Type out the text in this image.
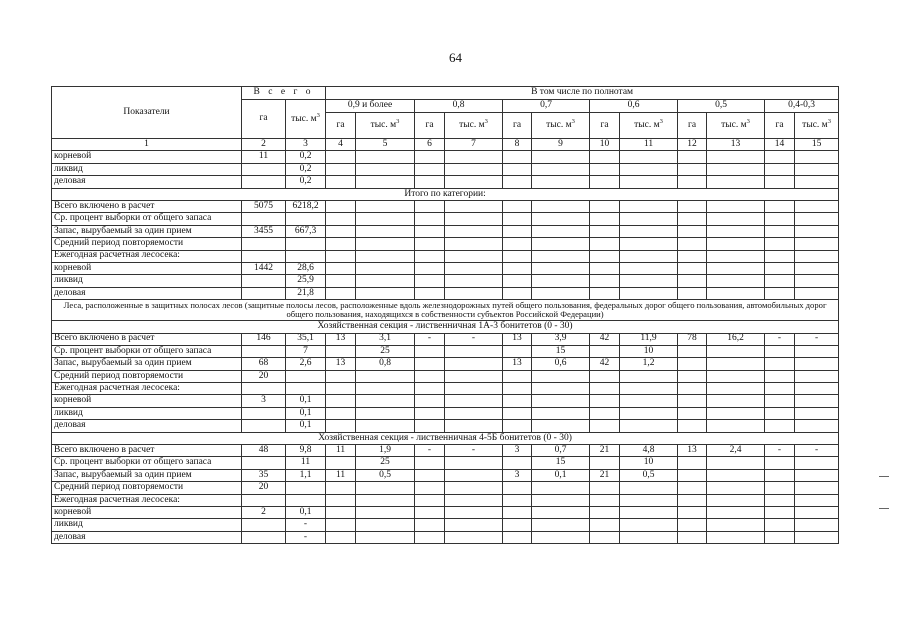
64
Показатели	В с е г о		В том числе по полнотам											
	га	тыс. $м^3$	0,9 и более		0,8		0,7		0,6		0,5		0,4-0,3	
			га	тыс. $м^3$	га	тыс. $м^3$	га	тыс. $м^3$	га	тыс. $м^3$	га	тыс. $м^3$	га	тыс. $м^3$
1	2	3	4	5	6	7	8	9	10	11	12	13	14	15
корневой	11	0,2												
ликвид		0,2												
деловая		0,2												
Итого по категории:														
Всего включено в расчет	5075	6218,2												
Ср. процент выборки от общего запаса														
Запас, вырубаемый за один прием	3455	667,3												
Средний период повторяемости														
Ежегодная расчетная лесосека:														
корневой	1442	28,6												
ликвид		25,9												
деловая		21,8												
Леса, расположенные в защитных полосах лесов (защитные полосы лесов, расположенные вдоль железнодорожных путей общего пользования, федеральных дорог общего пользования, автомобильных дорог общего пользования, находящихся в собственности субъектов Российской Федерации)														
Хозяйственная секция - лиственничная 1А-3 бонитетов (0 - 30)														
Всего включено в расчет	146	35,1	13	3,1	-	-	13	3,9	42	11,9	78	16,2	-	-
Ср. процент выборки от общего запаса		7		25				15		10				
Запас, вырубаемый за один прием	68	2,6	13	0,8			13	0,6	42	1,2				
Средний период повторяемости	20													
Ежегодная расчетная лесосека:														
корневой	3	0,1												
ликвид		0,1												
деловая		0,1												
Хозяйственная секция - лиственничная 4-5Б бонитетов (0 - 30)														
Всего включено в расчет	48	9,8	11	1,9	-	-	3	0,7	21	4,8	13	2,4	-	-
Ср. процент выборки от общего запаса		11		25				15		10				
Запас, вырубаемый за один прием	35	1,1	11	0,5			3	0,1	21	0,5				
Средний период повторяемости	20													
Ежегодная расчетная лесосека:														
корневой	2	0,1												
ликвид		-												
деловая		-												
